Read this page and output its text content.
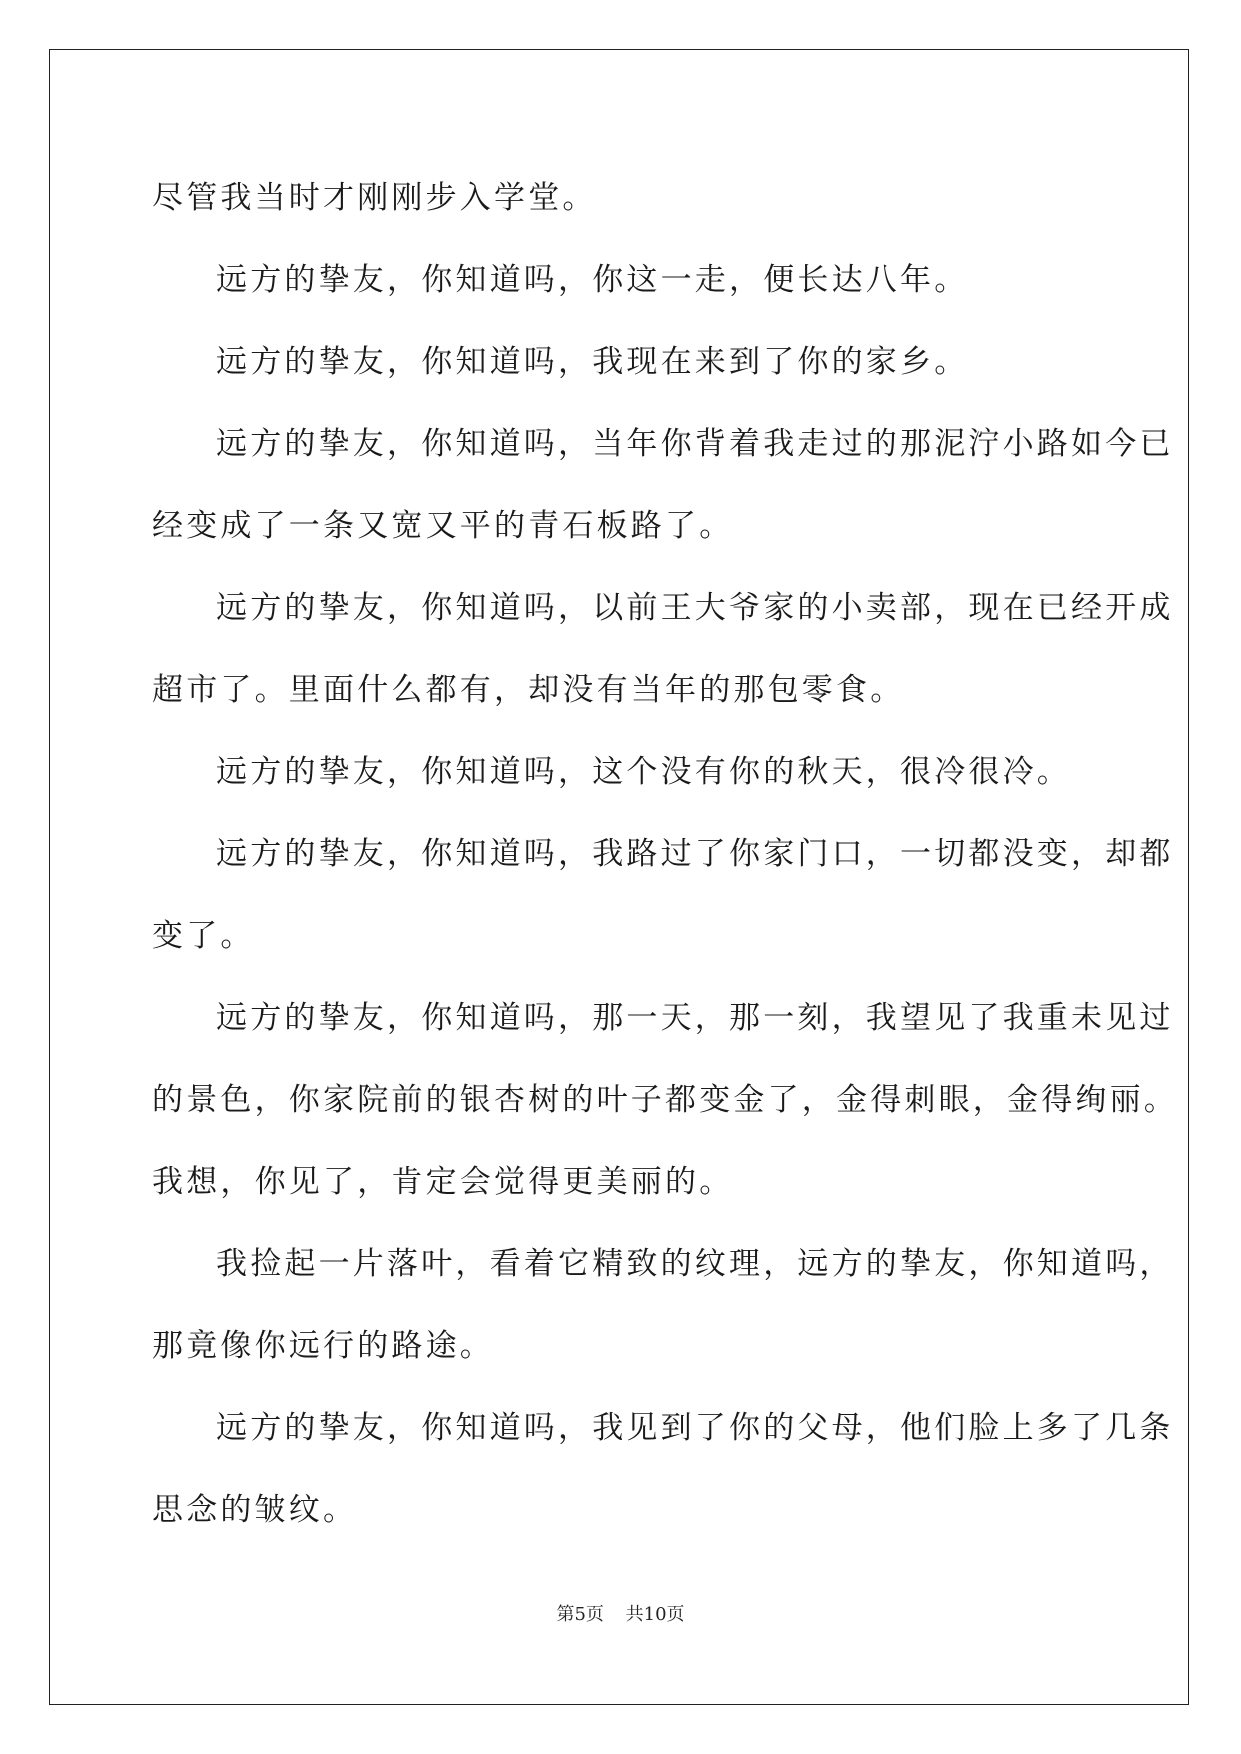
尽管我当时才刚刚步入学堂。
远方的挚友，你知道吗，你这一走，便长达八年。
远方的挚友，你知道吗，我现在来到了你的家乡。
远方的挚友，你知道吗，当年你背着我走过的那泥泞小路如今已
经变成了一条又宽又平的青石板路了。
远方的挚友，你知道吗，以前王大爷家的小卖部，现在已经开成
超市了。里面什么都有，却没有当年的那包零食。
远方的挚友，你知道吗，这个没有你的秋天，很冷很冷。
远方的挚友，你知道吗，我路过了你家门口，一切都没变，却都
变了。
远方的挚友，你知道吗，那一天，那一刻，我望见了我重未见过
的景色，你家院前的银杏树的叶子都变金了，金得刺眼，金得绚丽。
我想，你见了，肯定会觉得更美丽的。
我捡起一片落叶，看着它精致的纹理，远方的挚友，你知道吗，
那竟像你远行的路途。
远方的挚友，你知道吗，我见到了你的父母，他们脸上多了几条
思念的皱纹。
第5页 共10页
